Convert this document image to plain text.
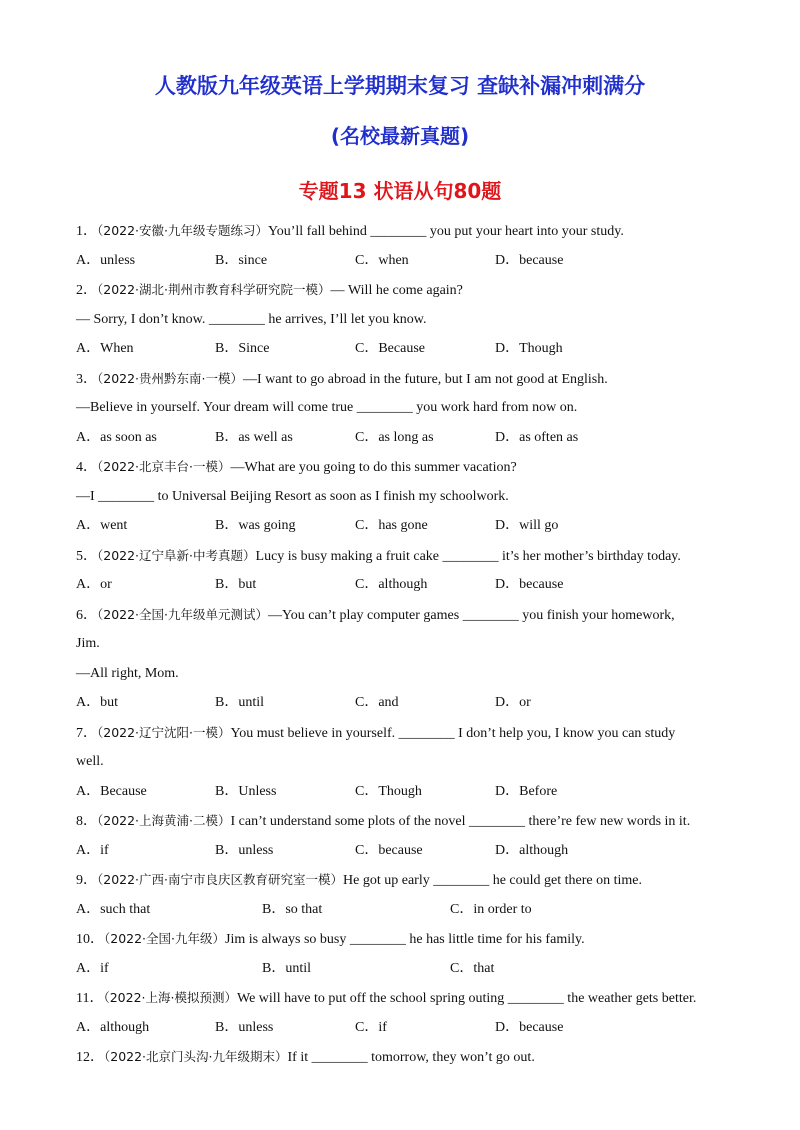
人教版九年级英语上学期期末复习 查缺补漏冲刺满分
(名校最新真题)
专题13 状语从句80题
1．（2022·安徽·九年级专题练习）You’ll fall behind ________ you put your heart into your study.
A．unless	B．since	C．when	D．because
2．（2022·湖北·荆州市教育科学研究院一模）— Will he come again?
— Sorry, I don’t know. ________ he arrives, I’ll let you know.
A．When	B．Since	C．Because	D．Though
3．（2022·贵州黔东南·一模）—I want to go abroad in the future, but I am not good at English.
—Believe in yourself. Your dream will come true ________ you work hard from now on.
A．as soon as	B．as well as	C．as long as	D．as often as
4．（2022·北京丰台·一模）—What are you going to do this summer vacation?
—I ________ to Universal Beijing Resort as soon as I finish my schoolwork.
A．went	B．was going	C．has gone	D．will go
5．（2022·辽宁阜新·中考真题）Lucy is busy making a fruit cake ________ it’s her mother’s birthday today.
A．or	B．but	C．although	D．because
6．（2022·全国·九年级单元测试）—You can’t play computer games ________ you finish your homework,
Jim.
—All right, Mom.
A．but	B．until	C．and	D．or
7．（2022·辽宁沈阳·一模）You must believe in yourself. ________ I don’t help you, I know you can study
well.
A．Because	B．Unless	C．Though	D．Before
8．（2022·上海黄浦·二模）I can’t understand some plots of the novel ________ there’re few new words in it.
A．if	B．unless	C．because	D．although
9．（2022·广西·南宁市良庆区教育研究室一模）He got up early ________ he could get there on time.
A．such that	B．so that	C．in order to
10．（2022·全国·九年级）Jim is always so busy ________ he has little time for his family.
A．if	B．until	C．that
11．（2022·上海·模拟预测）We will have to put off the school spring outing ________ the weather gets better.
A．although	B．unless	C．if	D．because
12．（2022·北京门头沟·九年级期末）If it ________ tomorrow, they won’t go out.
